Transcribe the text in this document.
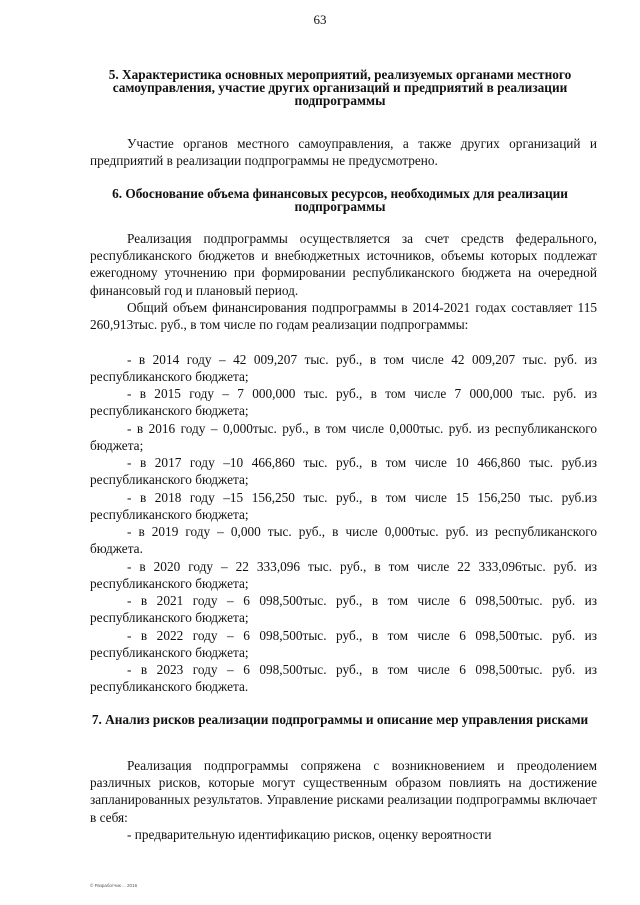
63

5. Характеристика основных мероприятий, реализуемых органами местного самоуправления, участие других организаций и предприятий в реализации подпрограммы

Участие органов местного самоуправления, а также других организаций и предприятий в реализации подпрограммы не предусмотрено.

6. Обоснование объема финансовых ресурсов, необходимых для реализации подпрограммы

Реализация подпрограммы осуществляется за счет средств федерального, республиканского бюджетов и внебюджетных источников, объемы которых подлежат ежегодному уточнению при формировании республиканского бюджета на очередной финансовый год и плановый период.

Общий объем финансирования подпрограммы в 2014-2021 годах составляет 115 260,913тыс. руб., в том числе по годам реализации подпрограммы:

- в 2014 году – 42 009,207 тыс. руб., в том числе 42 009,207 тыс. руб. из республиканского бюджета;

- в 2015 году – 7 000,000 тыс. руб., в том числе 7 000,000 тыс. руб. из республиканского бюджета;

- в 2016 году – 0,000тыс. руб., в том числе 0,000тыс. руб. из республиканского бюджета;

- в 2017 году –10 466,860 тыс. руб., в том числе 10 466,860 тыс. руб.из республиканского бюджета;

- в 2018 году –15 156,250 тыс. руб., в том числе 15 156,250 тыс. руб.из республиканского бюджета;

- в 2019 году – 0,000 тыс. руб., в числе 0,000тыс. руб. из республиканского бюджета.

- в 2020 году – 22 333,096 тыс. руб., в том числе 22 333,096тыс. руб. из республиканского бюджета;

- в 2021 году – 6 098,500тыс. руб., в том числе 6 098,500тыс. руб. из республиканского бюджета;

- в 2022 году – 6 098,500тыс. руб., в том числе 6 098,500тыс. руб. из республиканского бюджета;

- в 2023 году – 6 098,500тыс. руб., в том числе 6 098,500тыс. руб. из республиканского бюджета.

7. Анализ рисков реализации подпрограммы и описание мер управления рисками

Реализация подпрограммы сопряжена с возникновением и преодолением различных рисков, которые могут существенным образом повлиять на достижение запланированных результатов. Управление рисками реализации подпрограммы включает в себя:

- предварительную идентификацию рисков, оценку вероятности

© Разработчик ... 2016
